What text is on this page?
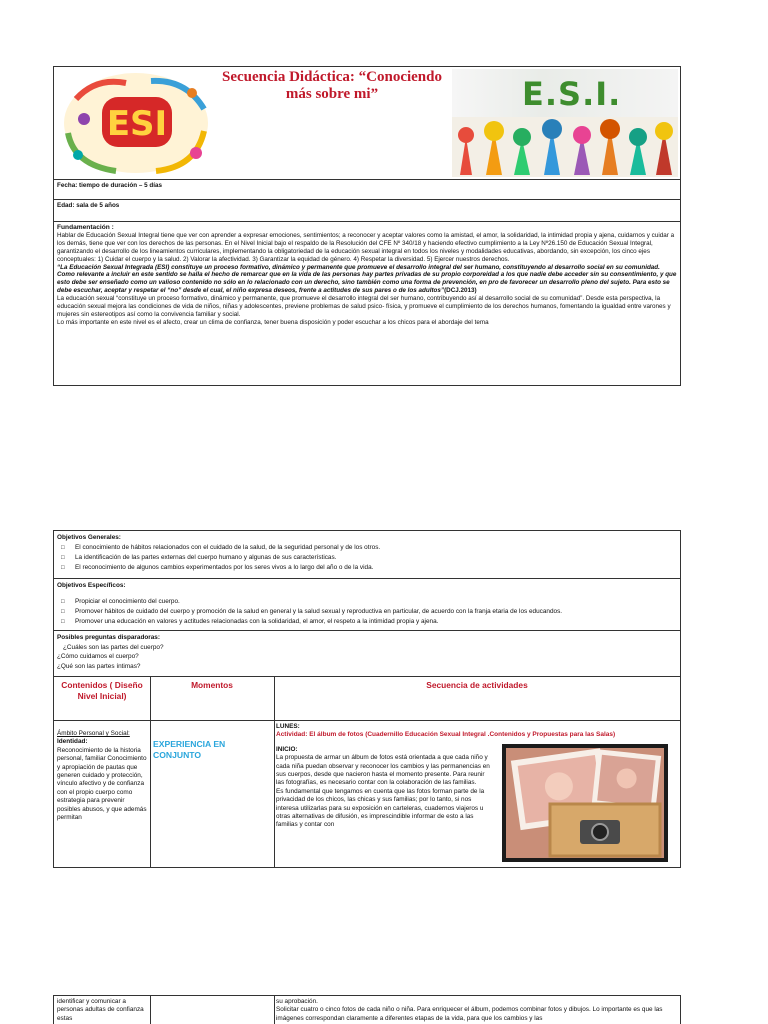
ESI
Secuencia Didáctica: “Conociendo más sobre mi”	E.S.I.
Fecha: tiempo de duración – 5 días
Edad: sala de 5 años
Fundamentación :

Hablar de Educación Sexual Integral tiene que ver con aprender a expresar emociones, sentimientos; a reconocer y aceptar valores como la amistad, el amor, la solidaridad, la intimidad propia y ajena, cuidarnos y cuidar a los demás, tiene que ver con los derechos de las personas. En el Nivel Inicial bajo el respaldo de la Resolución del CFE Nº 340/18 y haciendo efectivo cumplimiento a la Ley Nº26.150 de Educación Sexual Integral, garantizando el desarrollo de los lineamientos curriculares, implementando la obligatoriedad de la educación sexual integral en todos los niveles y modalidades educativas, abordando, sin excepción, los cinco ejes conceptuales: 1) Cuidar el cuerpo y la salud. 2) Valorar la afectividad. 3) Garantizar la equidad de género. 4) Respetar la diversidad. 5) Ejercer nuestros derechos.

“La Educación Sexual Integrada (ESI) constituye un proceso formativo, dinámico y permanente que promueve el desarrollo integral del ser humano, constituyendo al desarrollo social en su comunidad. Como relevante a incluir en este sentido se halla el hecho de remarcar que en la vida de las personas hay partes privadas de su propio corporeidad a los que nadie debe acceder sin su consentimiento, y que esto debe ser enseñado como un valioso contenido no sólo en lo relacionado con un derecho, sino también como una forma de prevención, en pro de favorecer un desarrollo pleno del sujeto. Para esto se debe escuchar, aceptar y respetar el “no” desde el cual, el niño expresa deseos, frente a actitudes de sus pares o de los adultos”(DCJ.2013)

La educación sexual “constituye un proceso formativo, dinámico y permanente, que promueve el desarrollo integral del ser humano, contribuyendo así al desarrollo social de su comunidad”. Desde esta perspectiva, la educación sexual mejora las condiciones de vida de niños, niñas y adolescentes, previene problemas de salud psico- física, y promueve el cumplimiento de los derechos humanos, fomentando la igualdad entre varones y mujeres sin estereotipos así como la convivencia familiar y social.

Lo más importante en este nivel es el afecto, crear un clima de confianza, tener buena disposición y poder escuchar a los chicos para el abordaje del tema

Objetivos Generales:
□ El conocimiento de hábitos relacionados con el cuidado de la salud, de la seguridad personal y de los otros.
□ La identificación de las partes externas del cuerpo humano y algunas de sus características.
□ El reconocimiento de algunos cambios experimentados por los seres vivos a lo largo del año o de la vida.
Objetivos Específicos:
□ Propiciar el conocimiento del cuerpo.
□ Promover hábitos de cuidado del cuerpo y promoción de la salud en general y la salud sexual y reproductiva en particular, de acuerdo con la franja etaria de los educandos.
□ Promover una educación en valores y actitudes relacionadas con la solidaridad, el amor, el respeto a la intimidad propia y ajena.
Posibles preguntas disparadoras:
¿Cuáles son las partes del cuerpo?
¿Cómo cuidamos el cuerpo?
¿Qué son las partes íntimas?
Contenidos ( Diseño Nivel Inicial)
Momentos	Secuencia de actividades
Ámbito Personal y Social:
Identidad:
Reconocimiento de la historia personal, familiar Conocimiento y apropiación de pautas que generen cuidado y protección, vínculo afectivo y de confianza con el propio cuerpo como estrategia para prevenir posibles abusos, y que además permitan
EXPERIENCIA EN CONJUNTO
LUNES:
Actividad: El álbum de fotos (Cuadernillo Educación Sexual Integral .Contenidos y Propuestas para las Salas)
INICIO:
La propuesta de armar un álbum de fotos está orientada a que cada niño y cada niña puedan observar y reconocer los cambios y las permanencias en sus cuerpos, desde que nacieron hasta el momento presente. Para reunir las fotografías, es necesario contar con la colaboración de las familias.
Es fundamental que tengamos en cuenta que las fotos forman parte de la privacidad de los chicos, las chicas y sus familias; por lo tanto, si nos interesa utilizarlas para su exposición en carteleras, cuadernos viajeros u otras alternativas de difusión, es imprescindible informar de esto a las familias y contar con
identificar y comunicar a personas adultas de confianza estas
su aprobación.
Solicitar cuatro o cinco fotos de cada niño o niña. Para enriquecer el álbum, podemos combinar fotos y dibujos. Lo importante es que las imágenes correspondan claramente a diferentes etapas de la vida, para que los cambios y las
